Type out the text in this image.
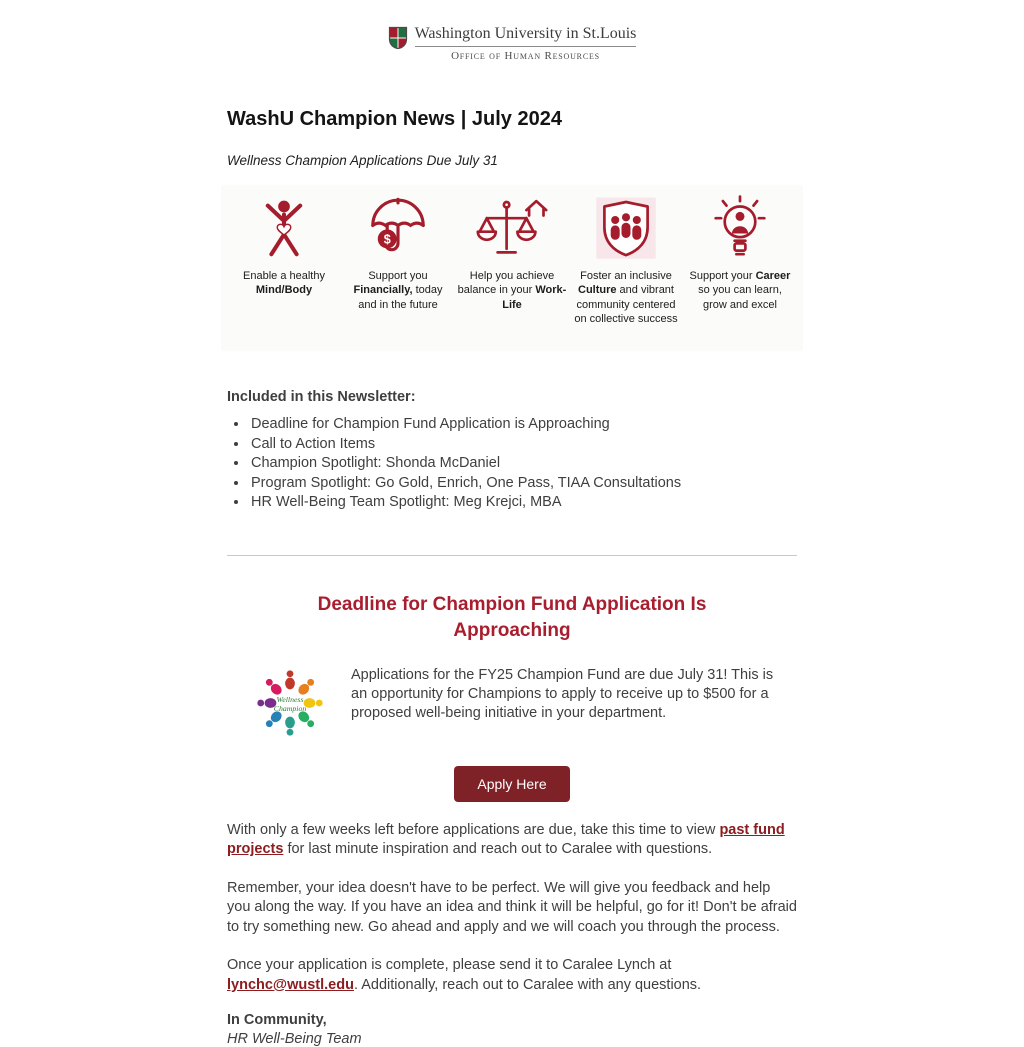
Washington University in St.Louis
Office of Human Resources
WashU Champion News | July 2024

Wellness Champion Applications Due July 31

Enable a healthy Mind/Body

$

Support you Financially, today and in the future

Help you achieve balance in your Work-Life

Foster an inclusive Culture and vibrant community centered on collective success

Support your Career so you can learn, grow and excel

Included in this Newsletter:
• Deadline for Champion Fund Application is Approaching
• Call to Action Items
• Champion Spotlight: Shonda McDaniel
• Program Spotlight: Go Gold, Enrich, One Pass, TIAA Consultations
• HR Well-Being Team Spotlight: Meg Krejci, MBA
Deadline for Champion Fund Application Is Approaching
Wellness
Champion

Applications for the FY25 Champion Fund are due July 31! This is an opportunity for Champions to apply to receive up to $500 for a proposed well-being initiative in your department.

Apply Here

With only a few weeks left before applications are due, take this time to view past fund projects for last minute inspiration and reach out to Caralee with questions.

Remember, your idea doesn't have to be perfect. We will give you feedback and help you along the way. If you have an idea and think it will be helpful, go for it! Don't be afraid to try something new. Go ahead and apply and we will coach you through the process.

Once your application is complete, please send it to Caralee Lynch at lynchc@wustl.edu. Additionally, reach out to Caralee with any questions.

In Community,

HR Well-Being Team
